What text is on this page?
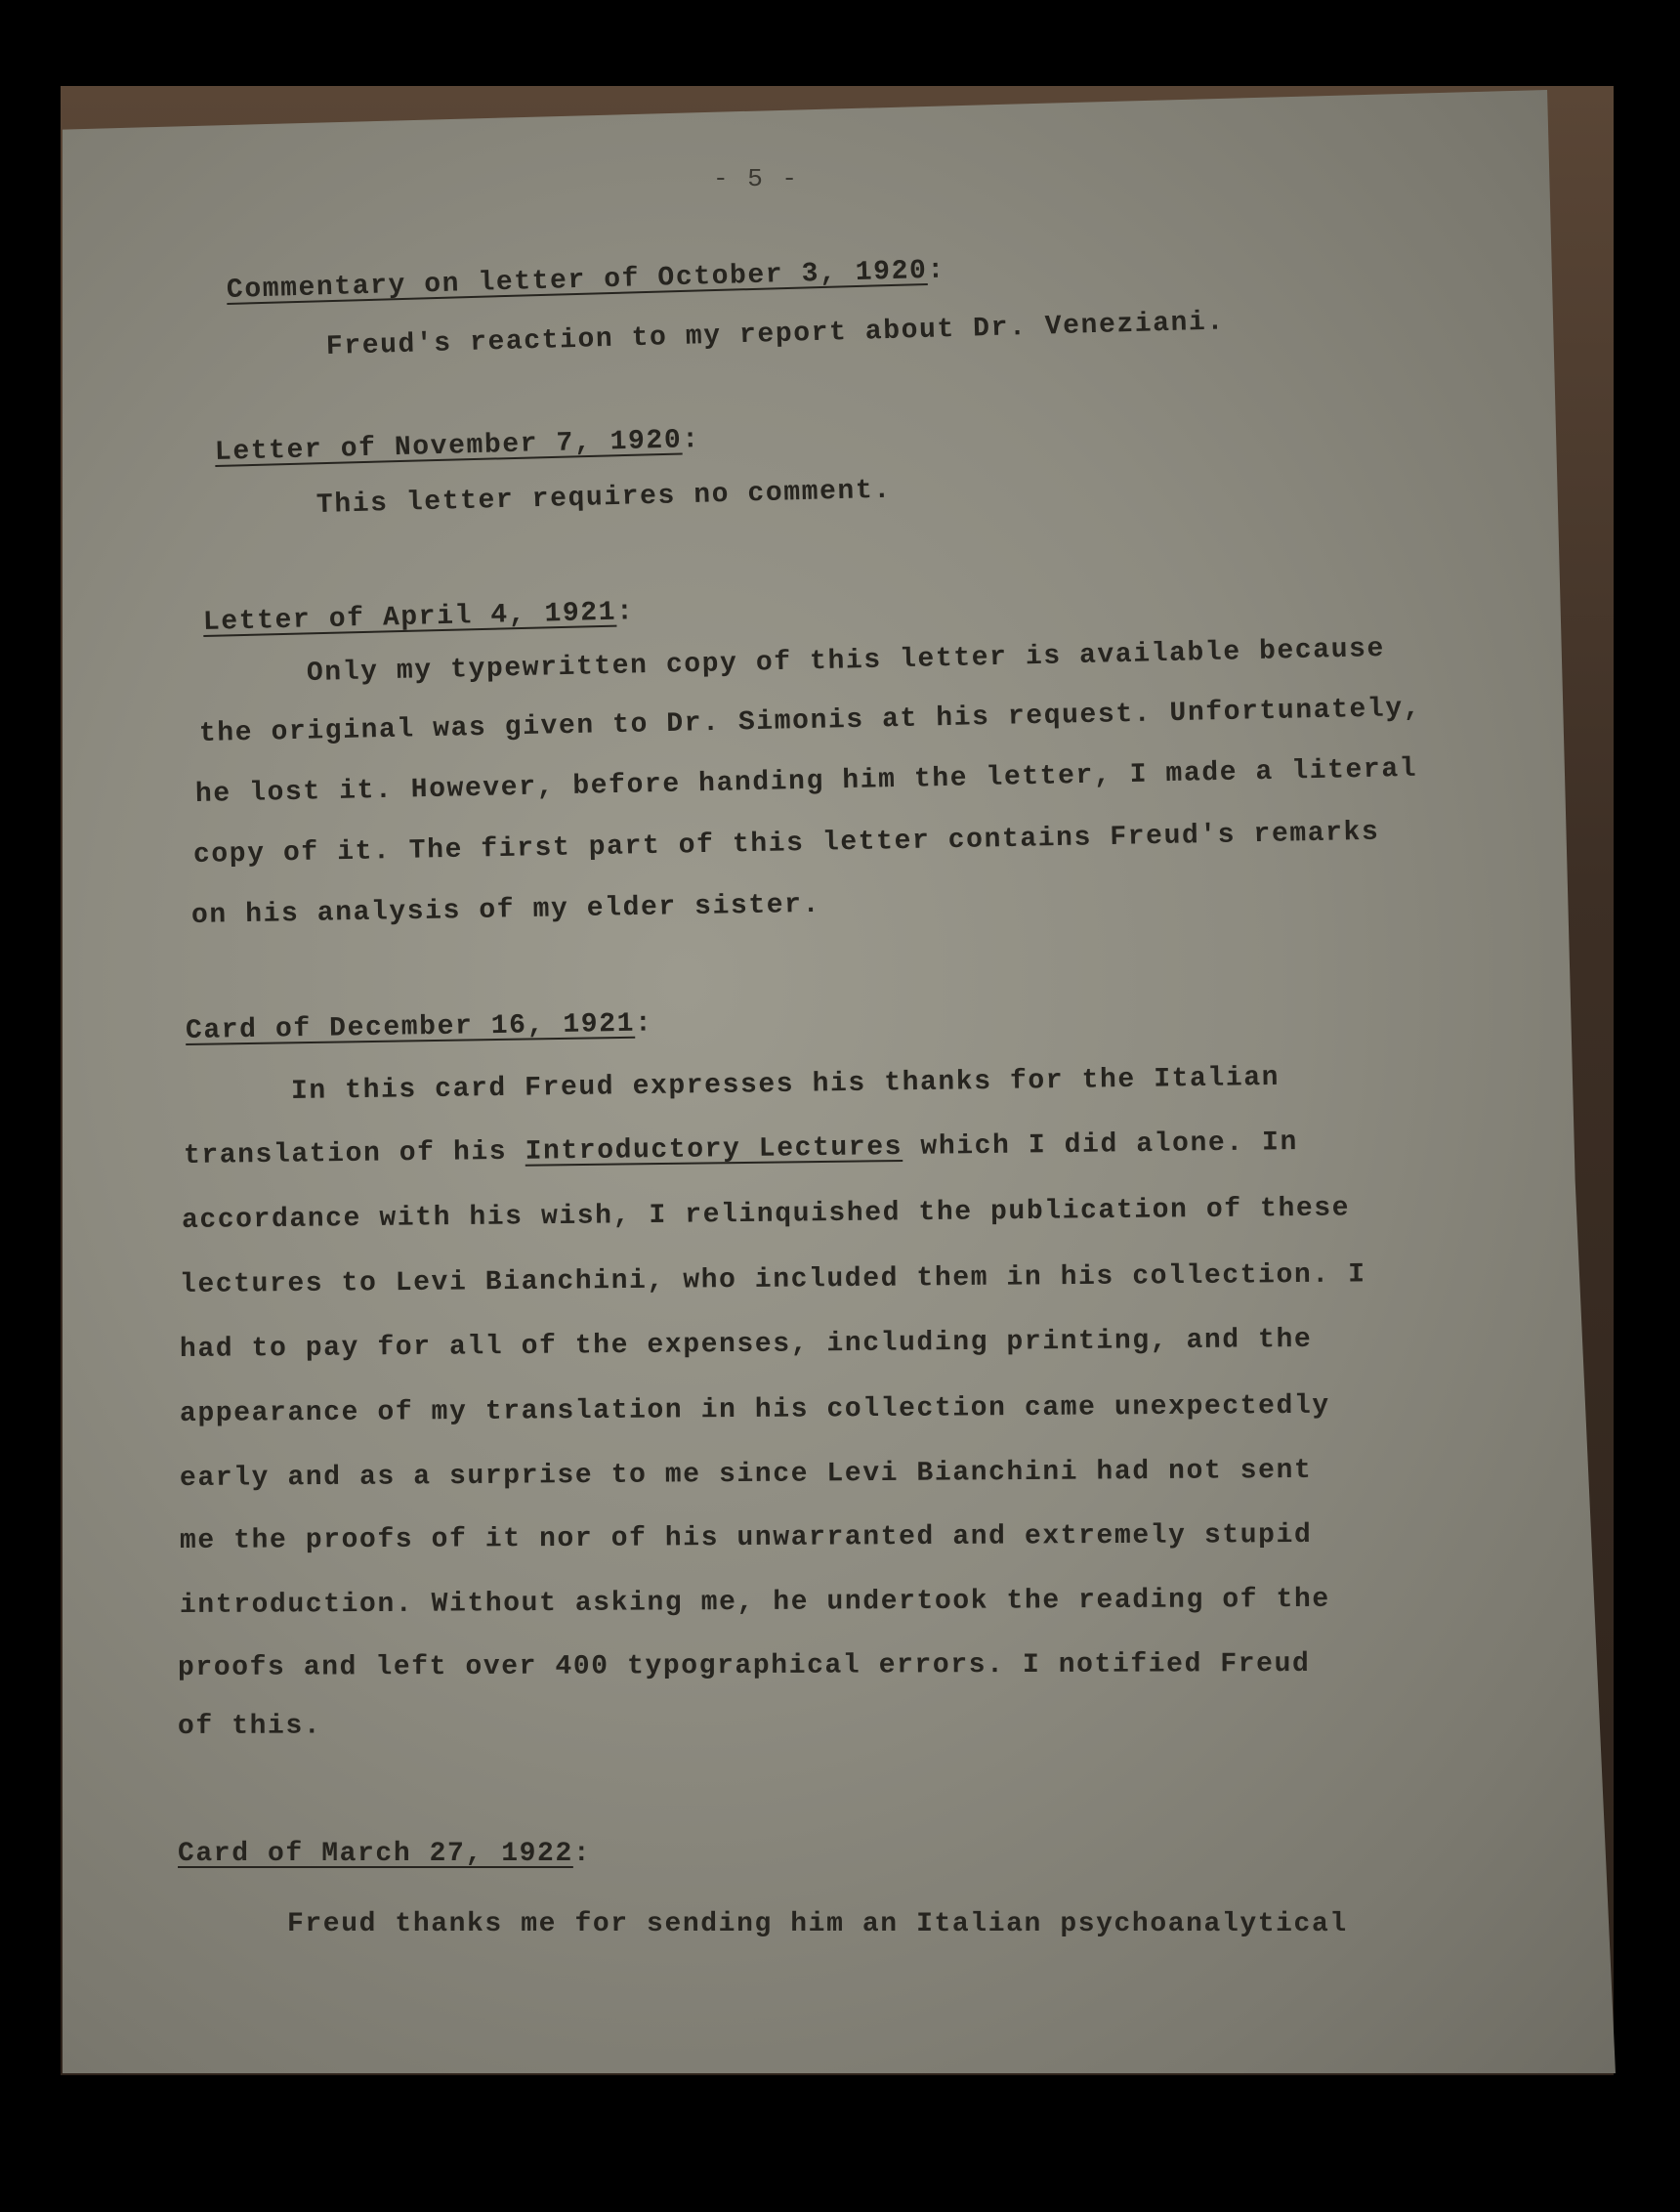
- 5 -
Commentary on letter of October 3, 1920:
Freud's reaction to my report about Dr. Veneziani.
Letter of November 7, 1920:
This letter requires no comment.
Letter of April 4, 1921:
Only my typewritten copy of this letter is available because
the original was given to Dr. Simonis at his request. Unfortunately,
he lost it. However, before handing him the letter, I made a literal
copy of it. The first part of this letter contains Freud's remarks
on his analysis of my elder sister.
Card of December 16, 1921:
In this card Freud expresses his thanks for the Italian
translation of his Introductory Lectures which I did alone. In
accordance with his wish, I relinquished the publication of these
lectures to Levi Bianchini, who included them in his collection. I
had to pay for all of the expenses, including printing, and the
appearance of my translation in his collection came unexpectedly
early and as a surprise to me since Levi Bianchini had not sent
me the proofs of it nor of his unwarranted and extremely stupid
introduction. Without asking me, he undertook the reading of the
proofs and left over 400 typographical errors. I notified Freud
of this.
Card of March 27, 1922:
Freud thanks me for sending him an Italian psychoanalytical
